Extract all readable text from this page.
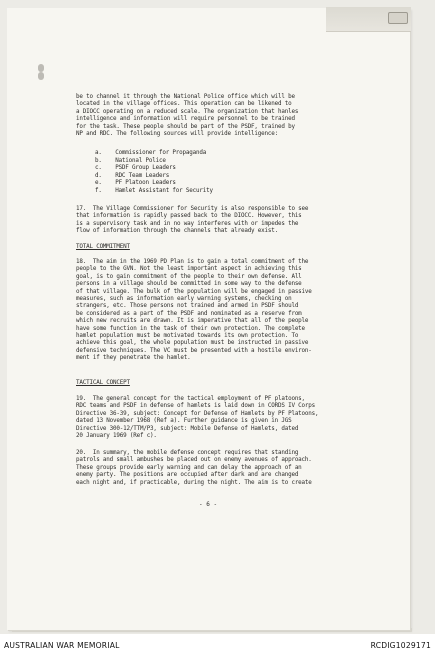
be to channel it through the National Police office which will be

located in the village offices. This operation can be likened to

a DIOCC operating on a reduced scale. The organization that hanles

intelligence and information will require personnel to be trained

for the task. These people should be part of the PSDF, trained by

NP and RDC. The following sources will provide intelligence:

a.    Commissioner for Propaganda
b.    National Police
c.    PSDF Group Leaders
d.    RDC Team Leaders
e.    PF Platoon Leaders
f.    Hamlet Assistant for Security

17.  The Village Commissioner for Security is also responsible to see

that information is rapidly passed back to the DIOCC. However, this

is a supervisory task and in no way interferes with or impedes the

flow of information through the channels that already exist.

TOTAL COMMITMENT

18.  The aim in the 1969 PD Plan is to gain a total commitment of the

people to the GVN. Not the least important aspect in achieving this

goal, is to gain commitment of the people to their own defense. All

persons in a village should be committed in some way to the defense

of that village. The bulk of the population will be engaged in passive

measures, such as information early warning systems, checking on

strangers, etc. Those persons not trained and armed in PSDF should

be considered as a part of the PSDF and nominated as a reserve from

which new recruits are drawn. It is imperative that all of the people

have some function in the task of their own protection. The complete

hamlet population must be motivated towards its own protection. To

achieve this goal, the whole population must be instructed in passive

defensive techniques. The VC must be presented with a hostile environ-

ment if they penetrate the hamlet.

TACTICAL CONCEPT

19.  The general concept for the tactical employment of PF platoons,

RDC teams and PSDF in defense of hamlets is laid down in CORDS IV Corps

Directive 36-39, subject: Concept for Defense of Hamlets by PF Platoons,

dated 13 November 1968 (Ref a). Further guidance is given in JGS

Directive 300-12/TTM/P3, subject: Mobile Defense of Hamlets, dated

20 January 1969 (Ref c).

20.  In summary, the mobile defense concept requires that standing

patrols and small ambushes be placed out on enemy avenues of approach.

These groups provide early warning and can delay the approach of an

enemy party. The positions are occupied after dark and are changed

each night and, if practicable, during the night. The aim is to create

- 6 -
AUSTRALIAN WAR MEMORIAL	RCDIG1029171
